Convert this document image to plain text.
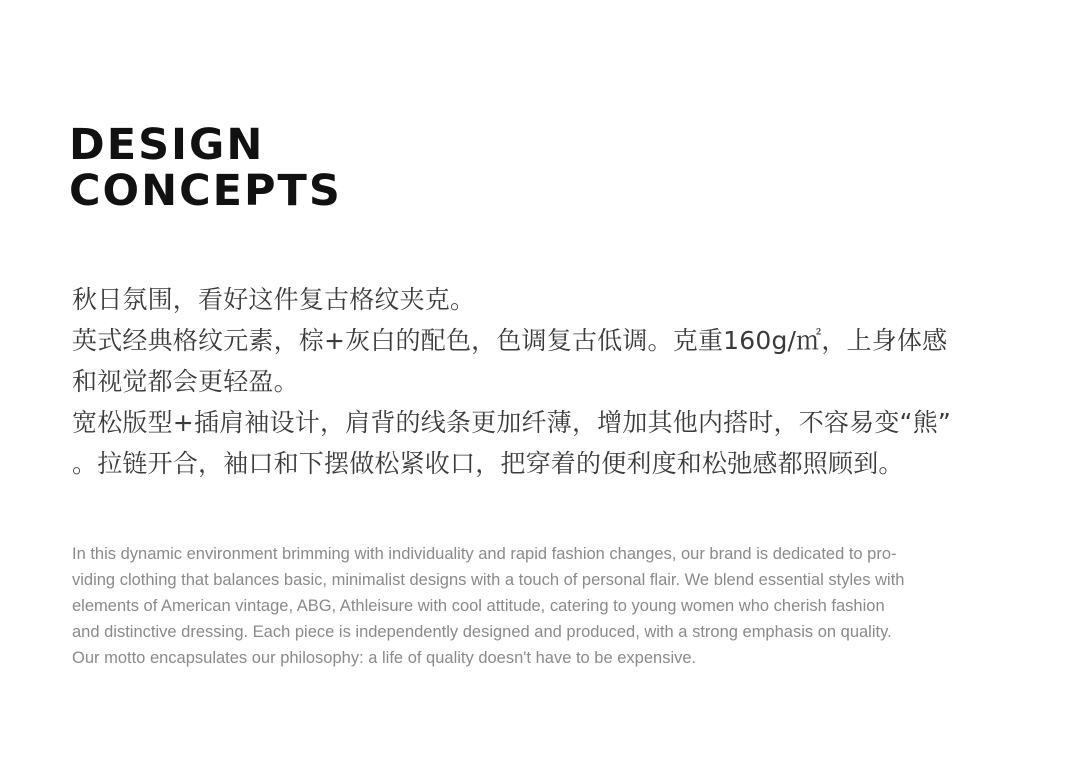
DESIGN
CONCEPTS

秋日氛围，看好这件复古格纹夹克。

英式经典格纹元素，棕+灰白的配色，色调复古低调。克重160g/㎡，上身体感

和视觉都会更轻盈。

宽松版型+插肩袖设计，肩背的线条更加纤薄，增加其他内搭时，不容易变“熊”

。拉链开合，袖口和下摆做松紧收口，把穿着的便利度和松弛感都照顾到。

In this dynamic environment brimming with individuality and rapid fashion changes, our brand is dedicated to pro-

viding clothing that balances basic, minimalist designs with a touch of personal flair. We blend essential styles with

elements of American vintage, ABG, Athleisure with cool attitude, catering to young women who cherish fashion

and distinctive dressing. Each piece is independently designed and produced, with a strong emphasis on quality.

Our motto encapsulates our philosophy: a life of quality doesn't have to be expensive.
